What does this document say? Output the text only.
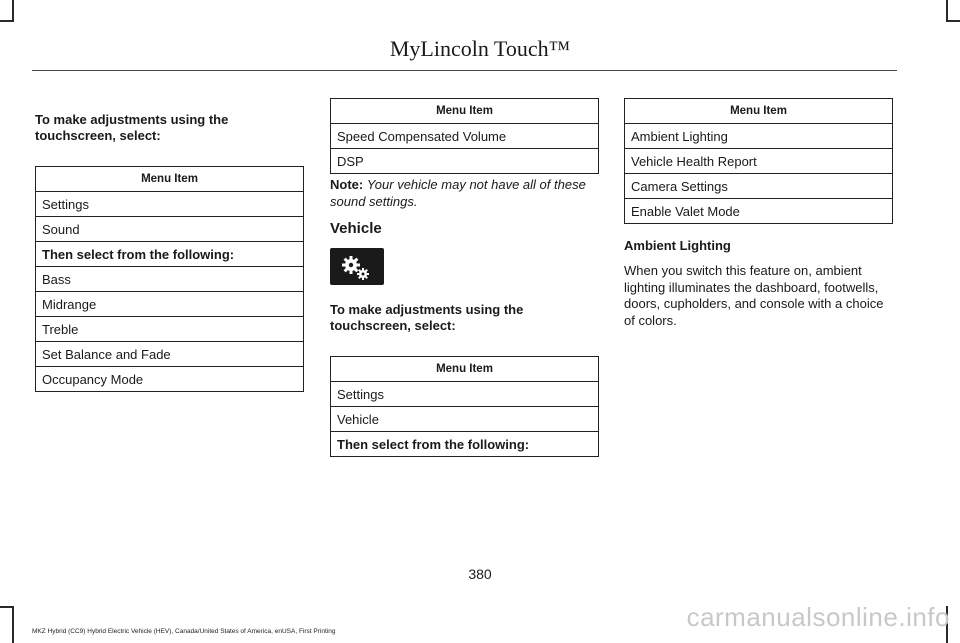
MyLincoln Touch™

To make adjustments using the touchscreen, select:

Menu Item
Settings
Sound
Then select from the following:
Bass
Midrange
Treble
Set Balance and Fade
Occupancy Mode
Menu Item
Speed Compensated Volume
DSP

Note: Your vehicle may not have all of these sound settings.

Vehicle

To make adjustments using the touchscreen, select:

Menu Item
Settings
Vehicle
Then select from the following:
Menu Item
Ambient Lighting
Vehicle Health Report
Camera Settings
Enable Valet Mode

Ambient Lighting

When you switch this feature on, ambient lighting illuminates the dashboard, footwells, doors, cupholders, and console with a choice of colors.

380
MKZ Hybrid (CC9) Hybrid Electric Vehicle (HEV), Canada/United States of America, enUSA, First Printing	carmanualsonline.info
